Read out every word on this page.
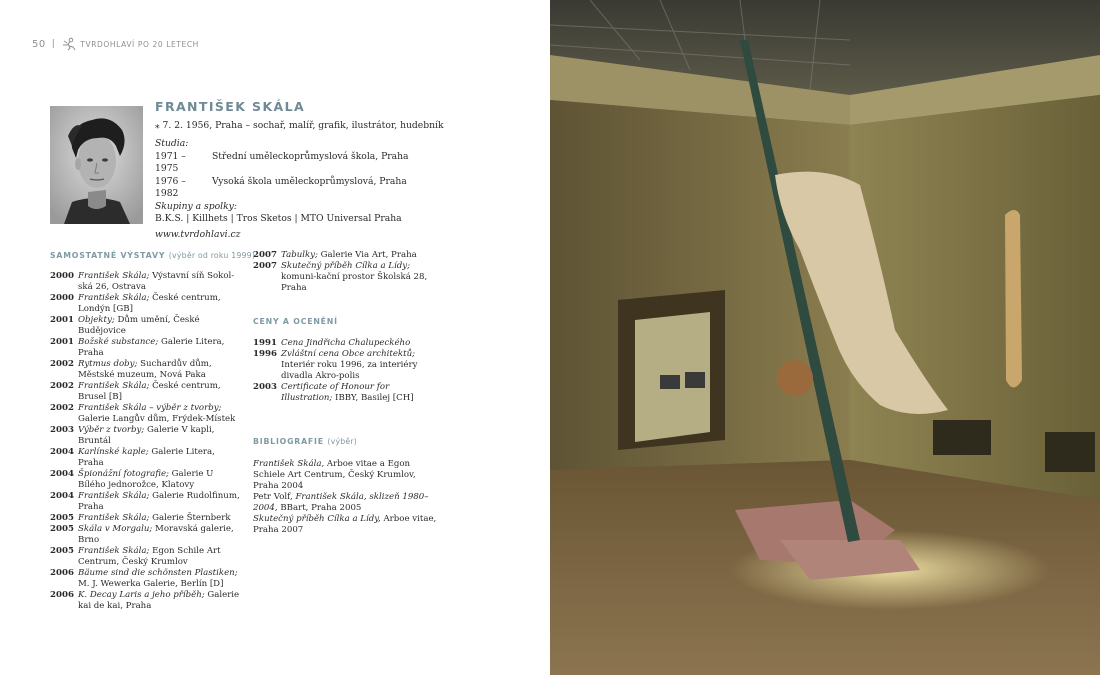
50 |	TVRDOHLAVÍ PO 20 LETECH
FRANTIŠEK SKÁLA
⁎ 7. 2. 1956, Praha – sochař, malíř, grafik, ilustrátor, hudebník
Studia:
1971 – 1975
Střední uměleckoprůmyslová škola, Praha
1976 – 1982
Vysoká škola uměleckoprůmyslová, Praha
Skupiny a spolky:
B.K.S. | Killhets | Tros Sketos | MTO Universal Praha
www.tvrdohlavi.cz
SAMOSTATNÉ VÝSTAVY (výběr od roku 1999)
2000 František Skála; Výstavní síň Sokol-ská 26, Ostrava
2000 František Skála; České centrum, Londýn [GB]
2001 Objekty; Dům umění, České Budějovice
2001 Božské substance; Galerie Litera, Praha
2002 Rytmus doby; Suchardův dům, Městské muzeum, Nová Paka
2002 František Skála; České centrum, Brusel [B]
2002 František Skála – výběr z tvorby; Galerie Langův dům, Frýdek-Místek
2003 Výběr z tvorby; Galerie V kapli, Bruntál
2004 Karlínské kaple; Galerie Litera, Praha
2004 Špionážní fotografie; Galerie U Bílého jednorožce, Klatovy
2004 František Skála; Galerie Rudolfinum, Praha
2005 František Skála; Galerie Šternberk
2005 Skála v Morgalu; Moravská galerie, Brno
2005 František Skála; Egon Schile Art Centrum, Český Krumlov
2006 Bäume sind die schönsten Plastiken; M. J. Wewerka Galerie, Berlín [D]
2006 K. Decay Laris a jeho příběh; Galerie kai de kai, Praha
2007 Tabulky; Galerie Via Art, Praha
2007 Skutečný příběh Cílka a Lídy; komuni-kační prostor Školská 28, Praha
CENY A OCENĚNÍ
1991 Cena Jindřicha Chalupeckého
1996 Zvláštní cena Obce architektů; Interiér roku 1996, za interiéry divadla Akro-polis
2003 Certificate of Honour for Illustration; IBBY, Basilej [CH]
BIBLIOGRAFIE (výběr)
František Skála, Arboe vitae a Egon Schiele Art Centrum, Český Krumlov, Praha 2004
Petr Volf, František Skála, sklizeň 1980–2004, BBart, Praha 2005
Skutečný příběh Cílka a Lídy, Arboe vitae, Praha 2007
